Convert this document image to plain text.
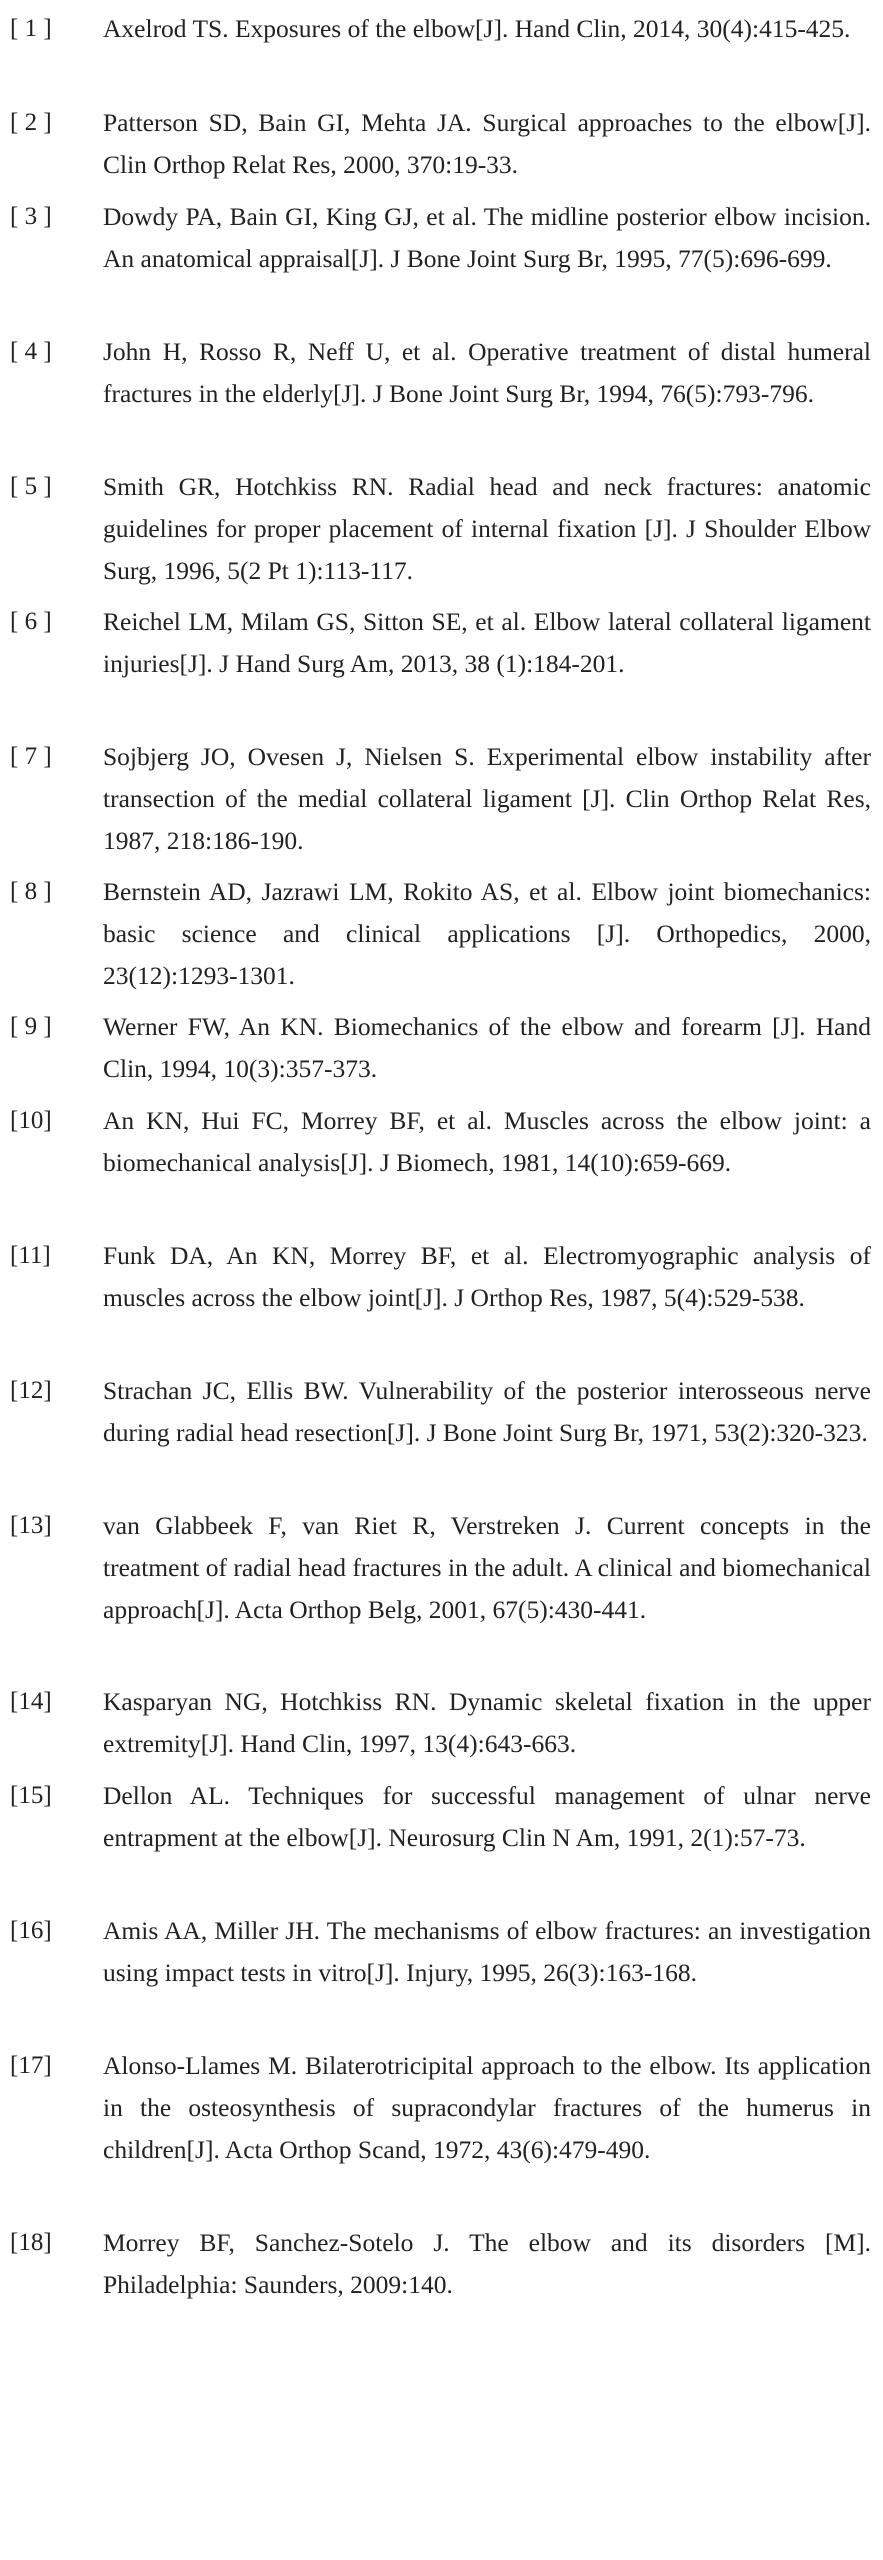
[ 1 ]	Axelrod TS. Exposures of the elbow[J]. Hand Clin, 2014, 30(4):415-425.
[ 2 ]	Patterson SD, Bain GI, Mehta JA. Surgical approaches to the elbow[J]. Clin Orthop Relat Res, 2000, 370:19-33.
[ 3 ]	Dowdy PA, Bain GI, King GJ, et al. The midline posterior elbow incision. An anatomical appraisal[J]. J Bone Joint Surg Br, 1995, 77(5):696-699.
[ 4 ]	John H, Rosso R, Neff U, et al. Operative treatment of distal humeral fractures in the elderly[J]. J Bone Joint Surg Br, 1994, 76(5):793-796.
[ 5 ]	Smith GR, Hotchkiss RN. Radial head and neck fractures: anatomic guidelines for proper placement of internal fixation [J]. J Shoulder Elbow Surg, 1996, 5(2 Pt 1):113-117.
[ 6 ]	Reichel LM, Milam GS, Sitton SE, et al. Elbow lateral collateral ligament injuries[J]. J Hand Surg Am, 2013, 38 (1):184-201.
[ 7 ]	Sojbjerg JO, Ovesen J, Nielsen S. Experimental elbow instability after transection of the medial collateral ligament [J]. Clin Orthop Relat Res, 1987, 218:186-190.
[ 8 ]	Bernstein AD, Jazrawi LM, Rokito AS, et al. Elbow joint biomechanics: basic science and clinical applications [J]. Orthopedics, 2000, 23(12):1293-1301.
[ 9 ]	Werner FW, An KN. Biomechanics of the elbow and forearm [J]. Hand Clin, 1994, 10(3):357-373.
[10]	An KN, Hui FC, Morrey BF, et al. Muscles across the elbow joint: a biomechanical analysis[J]. J Biomech, 1981, 14(10):659-669.
[11]	Funk DA, An KN, Morrey BF, et al. Electromyographic analysis of muscles across the elbow joint[J]. J Orthop Res, 1987, 5(4):529-538.
[12]	Strachan JC, Ellis BW. Vulnerability of the posterior interosseous nerve during radial head resection[J]. J Bone Joint Surg Br, 1971, 53(2):320-323.
[13]	van Glabbeek F, van Riet R, Verstreken J. Current concepts in the treatment of radial head fractures in the adult. A clinical and biomechanical approach[J]. Acta Orthop Belg, 2001, 67(5):430-441.
[14]	Kasparyan NG, Hotchkiss RN. Dynamic skeletal fixation in the upper extremity[J]. Hand Clin, 1997, 13(4):643-663.
[15]	Dellon AL. Techniques for successful management of ulnar nerve entrapment at the elbow[J]. Neurosurg Clin N Am, 1991, 2(1):57-73.
[16]	Amis AA, Miller JH. The mechanisms of elbow fractures: an investigation using impact tests in vitro[J]. Injury, 1995, 26(3):163-168.
[17]	Alonso-Llames M. Bilaterotricipital approach to the elbow. Its application in the osteosynthesis of supracondylar fractures of the humerus in children[J]. Acta Orthop Scand, 1972, 43(6):479-490.
[18]	Morrey BF, Sanchez-Sotelo J. The elbow and its disorders [M]. Philadelphia: Saunders, 2009:140.
